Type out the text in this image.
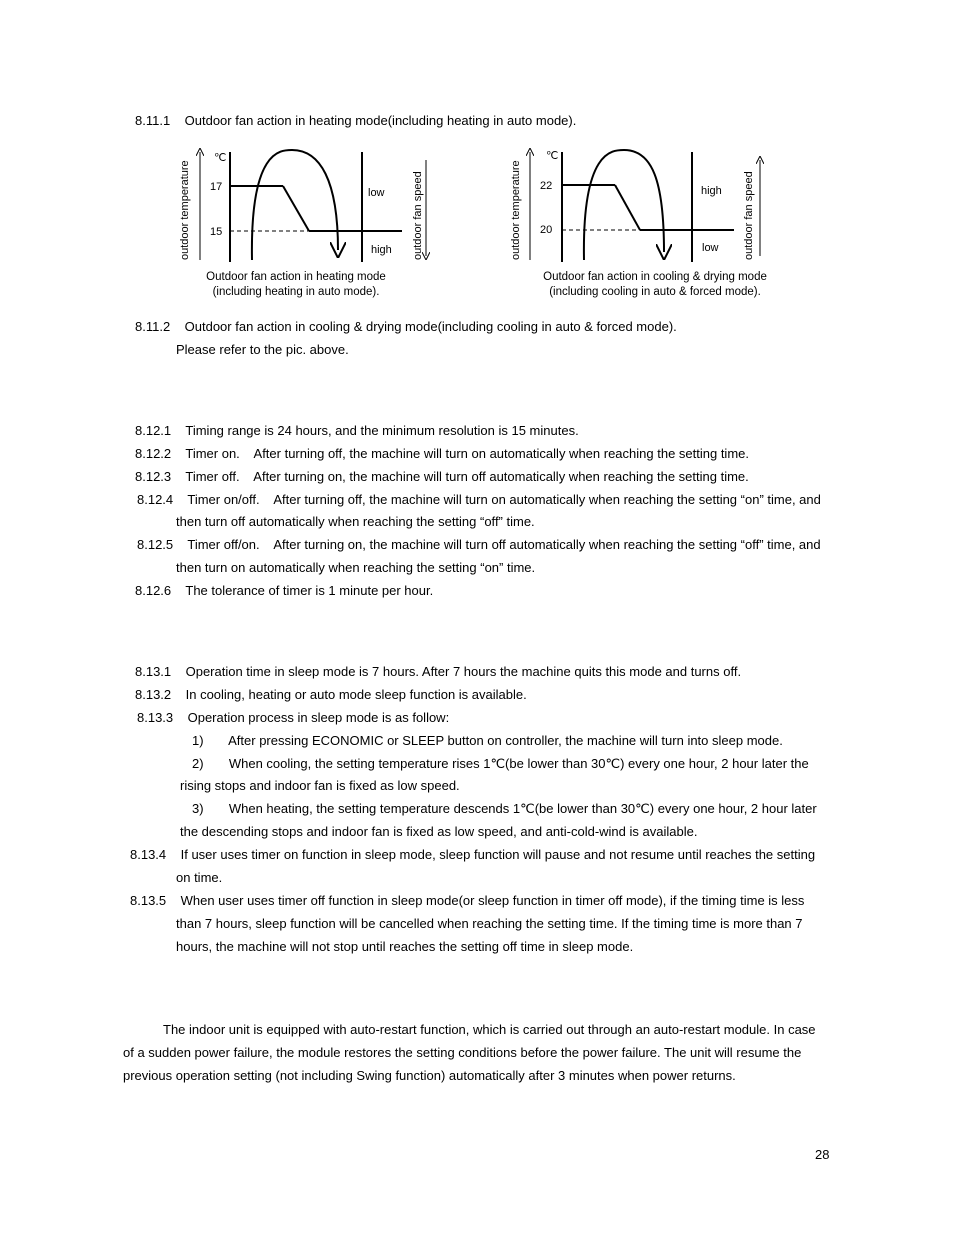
8.11.1 Outdoor fan action in heating mode(including heating in auto mode).
℃
outdoor temperature 17
15
low
high outdoor fan speed
Outdoor fan action in heating mode
(including heating in auto mode).
℃
outdoor temperature 22
20
high
low outdoor fan speed
Outdoor fan action in cooling & drying mode
(including cooling in auto & forced mode).
8.11.2 Outdoor fan action in cooling & drying mode(including cooling in auto & forced mode).
Please refer to the pic. above.
8.12.1 Timing range is 24 hours, and the minimum resolution is 15 minutes.
8.12.2 Timer on.    After turning off, the machine will turn on automatically when reaching the setting time.
8.12.3 Timer off.    After turning on, the machine will turn off automatically when reaching the setting time.
8.12.4 Timer on/off.    After turning off, the machine will turn on automatically when reaching the setting “on” time, and
then turn off automatically when reaching the setting “off” time.
8.12.5 Timer off/on.    After turning on, the machine will turn off automatically when reaching the setting “off” time, and
then turn on automatically when reaching the setting “on” time.
8.12.6 The tolerance of timer is 1 minute per hour.
8.13.1 Operation time in sleep mode is 7 hours. After 7 hours the machine quits this mode and turns off.
8.13.2 In cooling, heating or auto mode sleep function is available.
8.13.3 Operation process in sleep mode is as follow:
1) After pressing ECONOMIC or SLEEP button on controller, the machine will turn into sleep mode.
2) When cooling, the setting temperature rises 1℃(be lower than 30℃) every one hour, 2 hour later the
rising stops and indoor fan is fixed as low speed.
3) When heating, the setting temperature descends 1℃(be lower than 30℃) every one hour, 2 hour later
the descending stops and indoor fan is fixed as low speed, and anti-cold-wind is available.
8.13.4 If user uses timer on function in sleep mode, sleep function will pause and not resume until reaches the setting
on time.
8.13.5 When user uses timer off function in sleep mode(or sleep function in timer off mode), if the timing time is less
than 7 hours, sleep function will be cancelled when reaching the setting time. If the timing time is more than 7
hours, the machine will not stop until reaches the setting off time in sleep mode.
The indoor unit is equipped with auto-restart function, which is carried out through an auto-restart module. In case
of a sudden power failure, the module restores the setting conditions before the power failure. The unit will resume the
previous operation setting (not including Swing function) automatically after 3 minutes when power returns.
28
